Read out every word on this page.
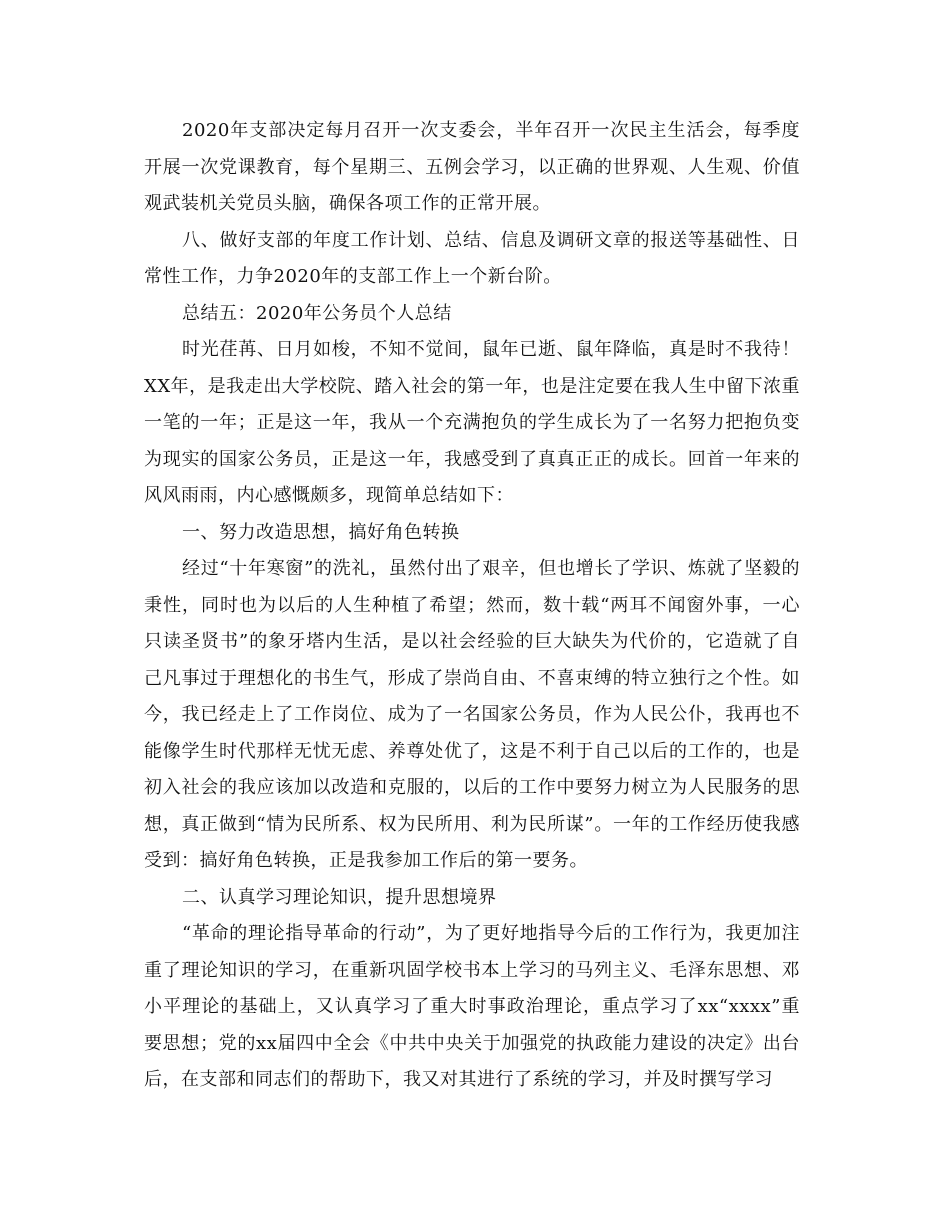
2020年支部决定每月召开一次支委会，半年召开一次民主生活会，每季度开展一次党课教育，每个星期三、五例会学习，以正确的世界观、人生观、价值观武装机关党员头脑，确保各项工作的正常开展。

八、做好支部的年度工作计划、总结、信息及调研文章的报送等基础性、日常性工作，力争2020年的支部工作上一个新台阶。

总结五：2020年公务员个人总结

时光荏苒、日月如梭，不知不觉间，鼠年已逝、鼠年降临，真是时不我待！XX年，是我走出大学校院、踏入社会的第一年，也是注定要在我人生中留下浓重一笔的一年；正是这一年，我从一个充满抱负的学生成长为了一名努力把抱负变为现实的国家公务员，正是这一年，我感受到了真真正正的成长。回首一年来的风风雨雨，内心感慨颇多，现简单总结如下：

一、努力改造思想，搞好角色转换

经过“十年寒窗”的洗礼，虽然付出了艰辛，但也增长了学识、炼就了坚毅的秉性，同时也为以后的人生种植了希望；然而，数十载“两耳不闻窗外事，一心只读圣贤书”的象牙塔内生活，是以社会经验的巨大缺失为代价的，它造就了自己凡事过于理想化的书生气，形成了崇尚自由、不喜束缚的特立独行之个性。如今，我已经走上了工作岗位、成为了一名国家公务员，作为人民公仆，我再也不能像学生时代那样无忧无虑、养尊处优了，这是不利于自己以后的工作的，也是初入社会的我应该加以改造和克服的，以后的工作中要努力树立为人民服务的思想，真正做到“情为民所系、权为民所用、利为民所谋”。一年的工作经历使我感受到：搞好角色转换，正是我参加工作后的第一要务。

二、认真学习理论知识，提升思想境界

“革命的理论指导革命的行动”，为了更好地指导今后的工作行为，我更加注重了理论知识的学习，在重新巩固学校书本上学习的马列主义、毛泽东思想、邓小平理论的基础上，又认真学习了重大时事政治理论，重点学习了xx“xxxx”重要思想；党的xx届四中全会《中共中央关于加强党的执政能力建设的决定》出台后，在支部和同志们的帮助下，我又对其进行了系统的学习，并及时撰写学习
